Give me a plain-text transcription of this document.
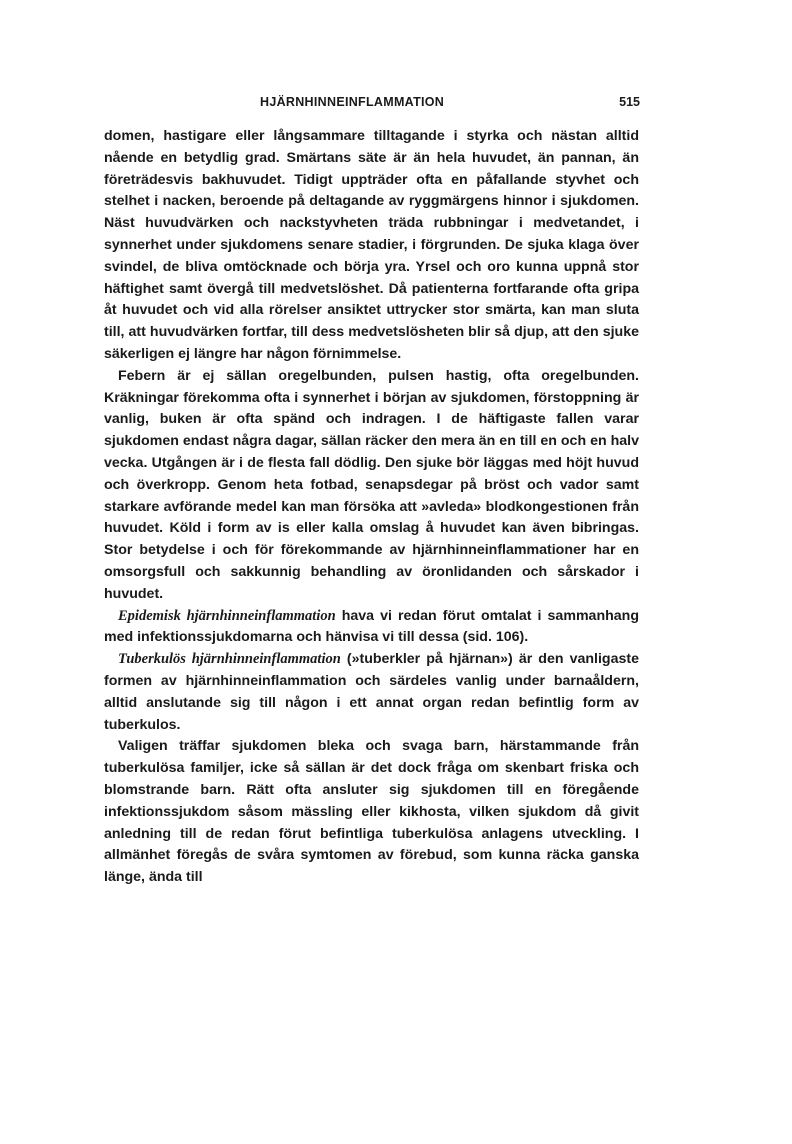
HJÄRNHINNEINFLAMMATION	515

domen, hastigare eller långsammare tilltagande i styrka och nästan alltid nående en betydlig grad. Smärtans säte är än hela huvudet, än pannan, än företrädesvis bakhuvudet. Tidigt uppträder ofta en påfallande styvhet och stelhet i nacken, beroende på deltagande av ryggmärgens hinnor i sjukdomen. Näst huvudvärken och nackstyvheten träda rubbningar i medvetandet, i synnerhet under sjukdomens senare stadier, i förgrunden. De sjuka klaga över svindel, de bliva omtöcknade och börja yra. Yrsel och oro kunna uppnå stor häftighet samt övergå till medvetslöshet. Då patienterna fortfarande ofta gripa åt huvudet och vid alla rörelser ansiktet uttrycker stor smärta, kan man sluta till, att huvudvärken fortfar, till dess medvetslösheten blir så djup, att den sjuke säkerligen ej längre har någon förnimmelse.

Febern är ej sällan oregelbunden, pulsen hastig, ofta oregelbunden. Kräkningar förekomma ofta i synnerhet i början av sjukdomen, förstoppning är vanlig, buken är ofta spänd och indragen. I de häftigaste fallen varar sjukdomen endast några dagar, sällan räcker den mera än en till en och en halv vecka. Utgången är i de flesta fall dödlig. Den sjuke bör läggas med höjt huvud och överkropp. Genom heta fotbad, senapsdegar på bröst och vador samt starkare avförande medel kan man försöka att »avleda» blodkongestionen från huvudet. Köld i form av is eller kalla omslag å huvudet kan även bibringas. Stor betydelse i och för förekommande av hjärnhinneinflammationer har en omsorgsfull och sakkunnig behandling av öronlidanden och sårskador i huvudet.

Epidemisk hjärnhinneinflammation hava vi redan förut omtalat i sammanhang med infektionssjukdomarna och hänvisa vi till dessa (sid. 106).

Tuberkulös hjärnhinneinflammation (»tuberkler på hjärnan») är den vanligaste formen av hjärnhinneinflammation och särdeles vanlig under barnaåldern, alltid anslutande sig till någon i ett annat organ redan befintlig form av tuberkulos.

Valigen träffar sjukdomen bleka och svaga barn, härstammande från tuberkulösa familjer, icke så sällan är det dock fråga om skenbart friska och blomstrande barn. Rätt ofta ansluter sig sjukdomen till en föregående infektionssjukdom såsom mässling eller kikhosta, vilken sjukdom då givit anledning till de redan förut befintliga tuberkulösa anlagens utveckling. I allmänhet föregås de svåra symtomen av förebud, som kunna räcka ganska länge, ända till
